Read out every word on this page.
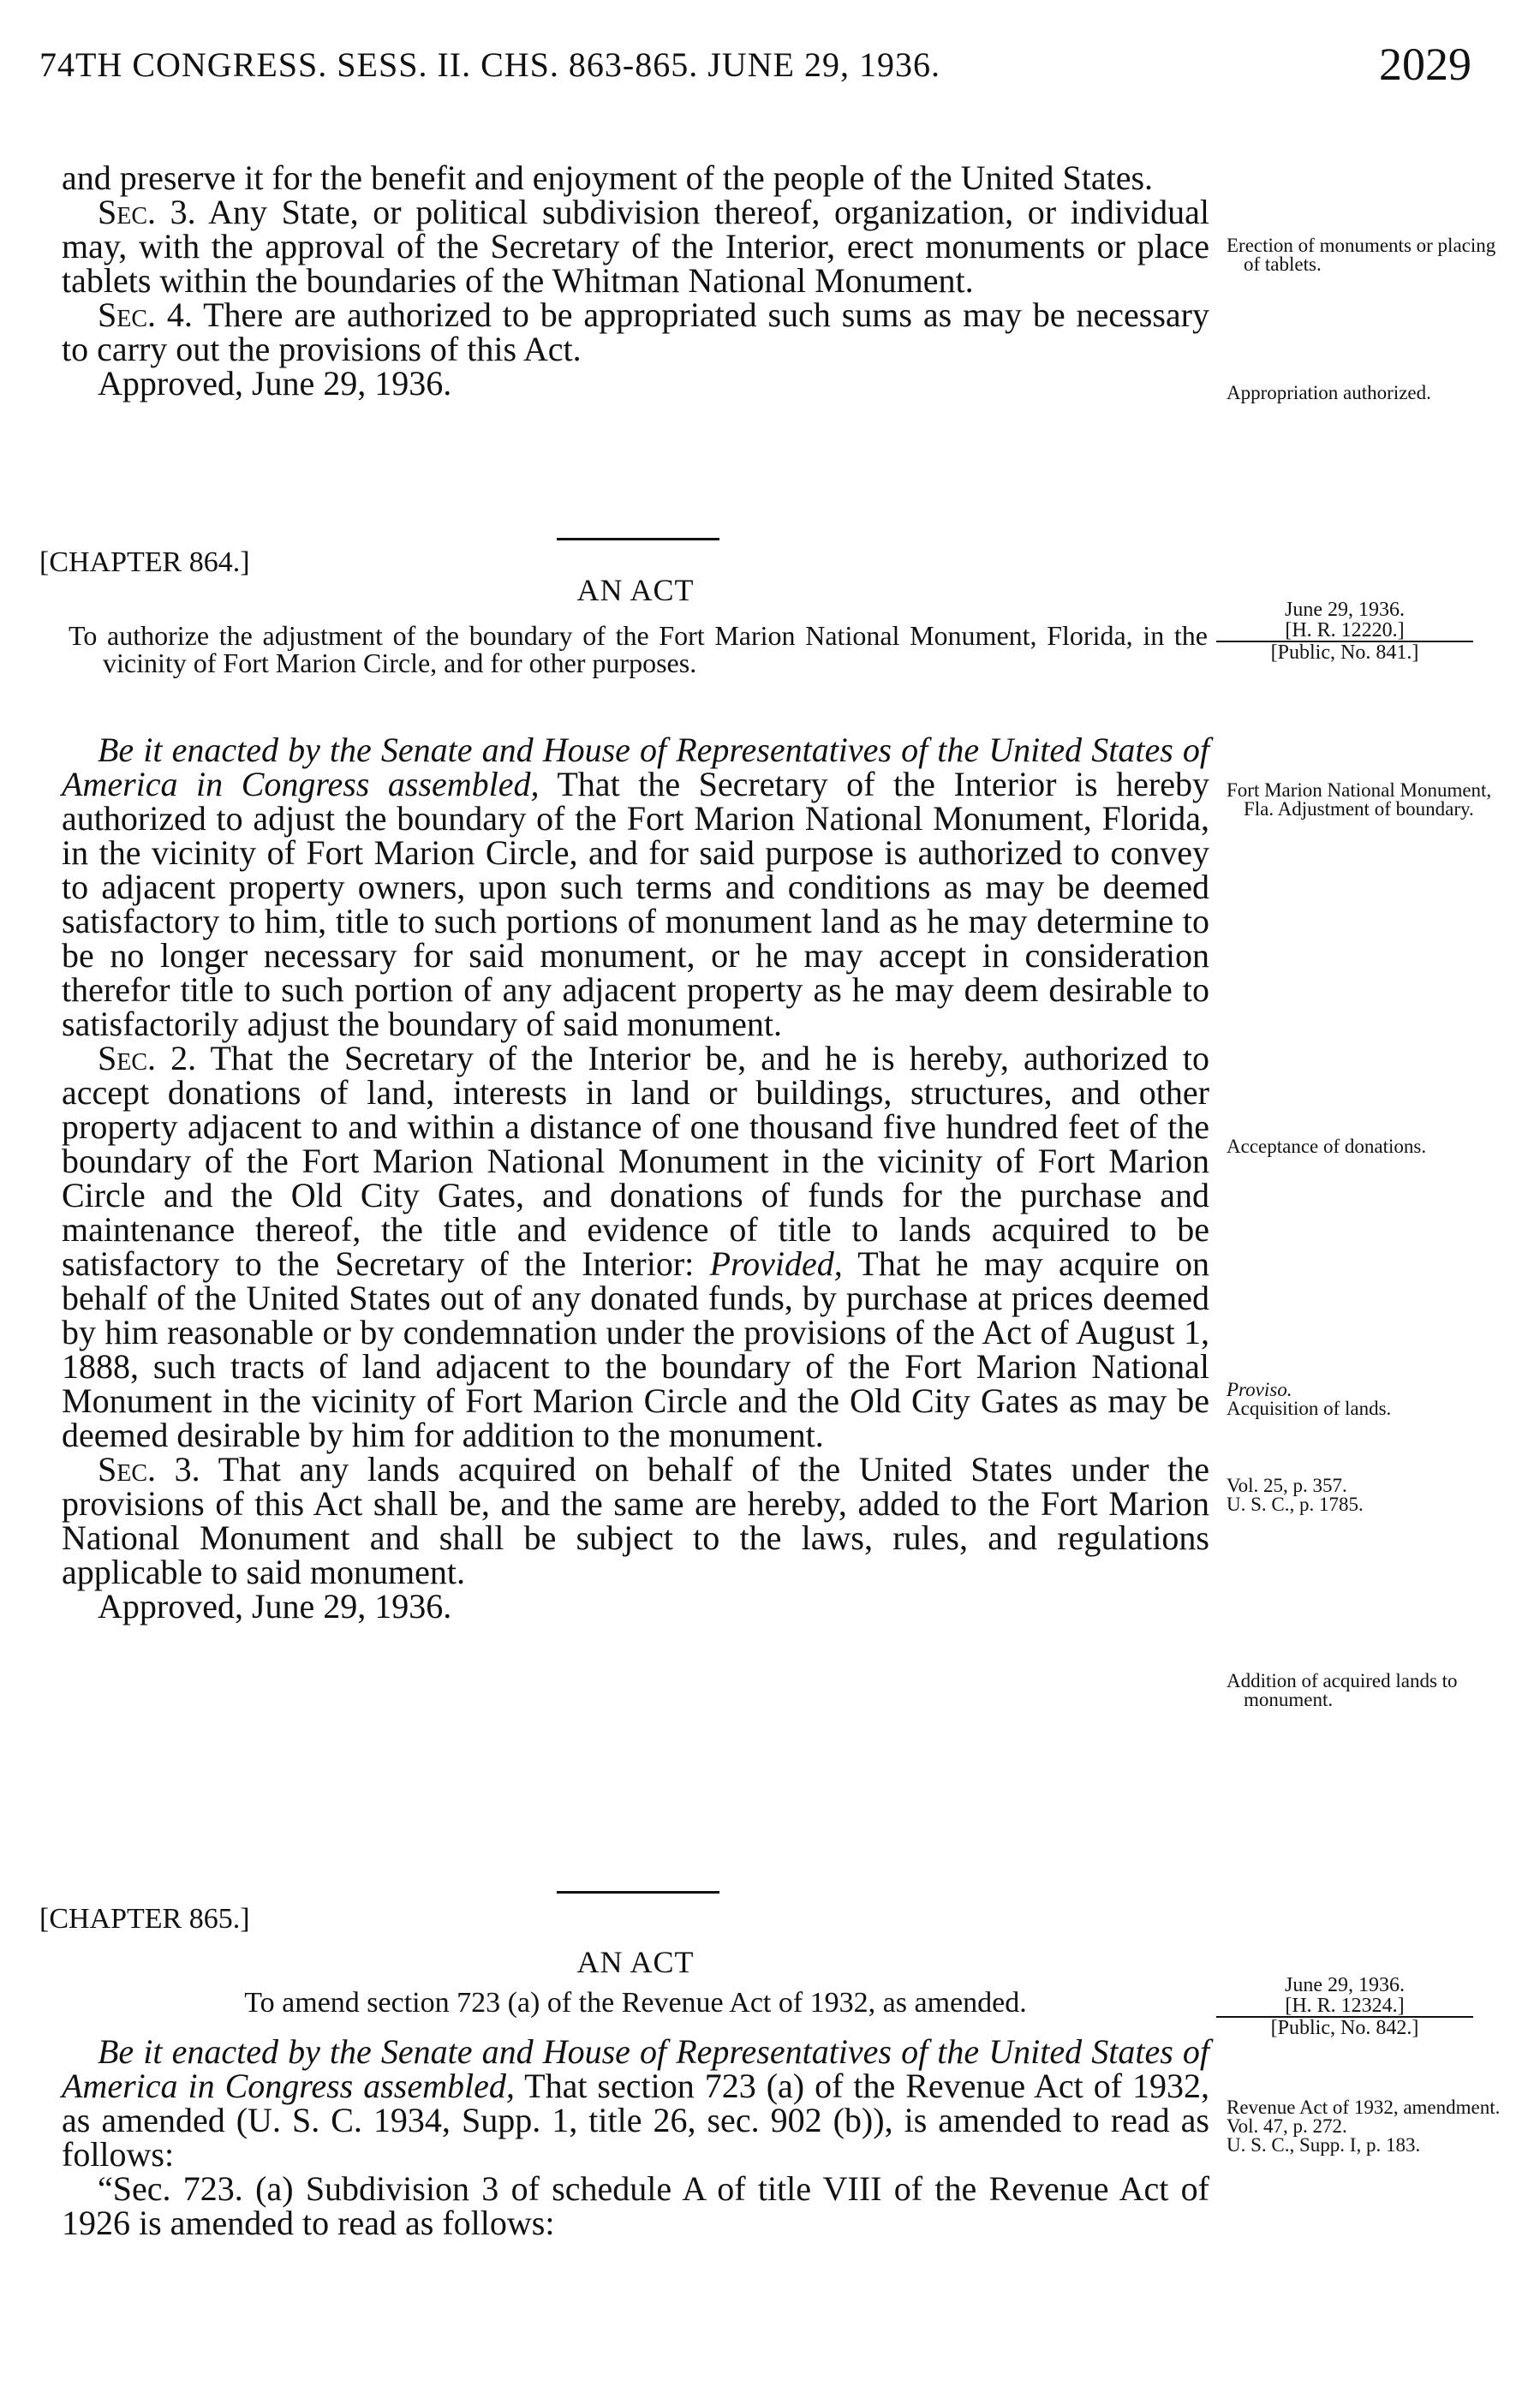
74TH CONGRESS. SESS. II. CHS. 863-865. JUNE 29, 1936.	2029

and preserve it for the benefit and enjoyment of the people of the United States.

Sec. 3. Any State, or political subdivision thereof, organization, or individual may, with the approval of the Secretary of the Interior, erect monuments or place tablets within the boundaries of the Whitman National Monument.

Sec. 4. There are authorized to be appropriated such sums as may be necessary to carry out the provisions of this Act.

Approved, June 29, 1936.

Erection of monuments or placing of tablets.

Appropriation authorized.

[CHAPTER 864.]
AN ACT
June 29, 1936.
[H. R. 12220.]
[Public, No. 841.]

To authorize the adjustment of the boundary of the Fort Marion National Monument, Florida, in the vicinity of Fort Marion Circle, and for other purposes.

Be it enacted by the Senate and House of Representatives of the United States of America in Congress assembled, That the Secretary of the Interior is hereby authorized to adjust the boundary of the Fort Marion National Monument, Florida, in the vicinity of Fort Marion Circle, and for said purpose is authorized to convey to adjacent property owners, upon such terms and conditions as may be deemed satisfactory to him, title to such portions of monument land as he may determine to be no longer necessary for said monument, or he may accept in consideration therefor title to such portion of any adjacent property as he may deem desirable to satisfactorily adjust the boundary of said monument.

Sec. 2. That the Secretary of the Interior be, and he is hereby, authorized to accept donations of land, interests in land or buildings, structures, and other property adjacent to and within a distance of one thousand five hundred feet of the boundary of the Fort Marion National Monument in the vicinity of Fort Marion Circle and the Old City Gates, and donations of funds for the purchase and maintenance thereof, the title and evidence of title to lands acquired to be satisfactory to the Secretary of the Interior: Provided, That he may acquire on behalf of the United States out of any donated funds, by purchase at prices deemed by him reasonable or by condemnation under the provisions of the Act of August 1, 1888, such tracts of land adjacent to the boundary of the Fort Marion National Monument in the vicinity of Fort Marion Circle and the Old City Gates as may be deemed desirable by him for addition to the monument.

Sec. 3. That any lands acquired on behalf of the United States under the provisions of this Act shall be, and the same are hereby, added to the Fort Marion National Monument and shall be subject to the laws, rules, and regulations applicable to said monument.

Approved, June 29, 1936.

Fort Marion National Monument, Fla. Adjustment of boundary.

Acceptance of donations.

Proviso.

Acquisition of lands.

Vol. 25, p. 357.

U. S. C., p. 1785.

Addition of acquired lands to monument.

[CHAPTER 865.]
AN ACT
To amend section 723 (a) of the Revenue Act of 1932, as amended.
June 29, 1936.
[H. R. 12324.]
[Public, No. 842.]

Be it enacted by the Senate and House of Representatives of the United States of America in Congress assembled, That section 723 (a) of the Revenue Act of 1932, as amended (U. S. C. 1934, Supp. 1, title 26, sec. 902 (b)), is amended to read as follows:

“Sec. 723. (a) Subdivision 3 of schedule A of title VIII of the Revenue Act of 1926 is amended to read as follows:

Revenue Act of 1932, amendment.

Vol. 47, p. 272.

U. S. C., Supp. I, p. 183.
